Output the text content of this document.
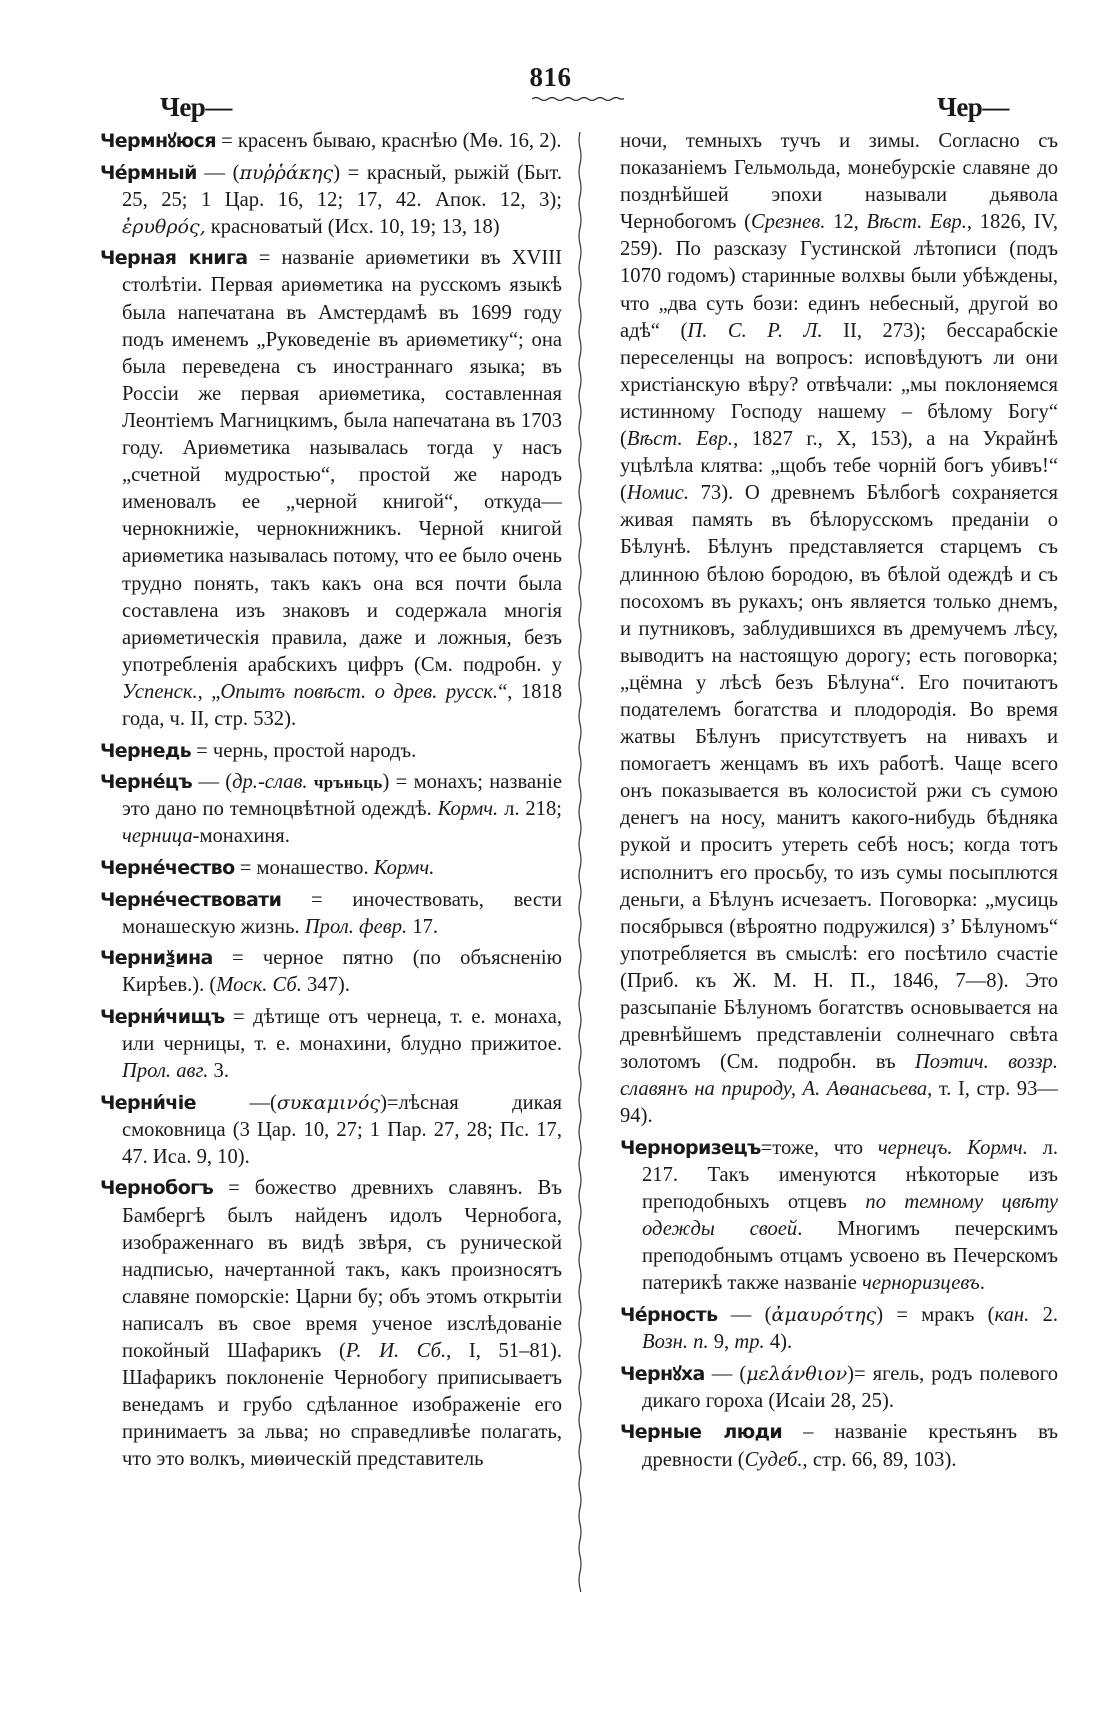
816
Чер—	Чер—

Чермнꙋюся = красенъ бываю, краснѣю (Мѳ. 16, 2).

Че́рмный — (πυῤῥάκης) = красный, рыжій (Быт. 25, 25; 1 Цар. 16, 12; 17, 42. Апок. 12, 3); ἐρυθρός, красноватый (Исх. 10, 19; 13, 18)

Черная книга = названіе ариѳметики въ XVIII столѣтіи. Первая ариѳметика на русскомъ языкѣ была напечатана въ Амстердамѣ въ 1699 году подъ именемъ „Руковеденіе въ ариѳметику“; она была переведена съ иностраннаго языка; въ Россіи же первая ариѳметика, составленная Леонтіемъ Магницкимъ, была напечатана въ 1703 году. Ариѳметика называлась тогда у насъ „счетной мудростью“, простой же народъ именовалъ ее „черной книгой“, откуда—чернокнижіе, чернокнижникъ. Черной книгой ариѳметика называлась потому, что ее было очень трудно понять, такъ какъ она вся почти была составлена изъ знаковъ и содержала многія ариѳметическія правила, даже и ложныя, безъ употребленія арабскихъ цифръ (См. подробн. у Успенск., „Опытъ повѣст. о древ. русск.“, 1818 года, ч. II, стр. 532).

Чернедь = чернь, простой народъ.

Черне́цъ — (др.-слав. чръньць) = монахъ; названіе это дано по темноцвѣтной одеждѣ. Кормч. л. 218; черница-монахиня.

Черне́чество = монашество. Кормч.

Черне́чествовати = иночествовать, вести монашескую жизнь. Прол. февр. 17.

Черниѯина = черное пятно (по объясненію Кирѣев.). (Моск. Сб. 347).

Черни́чищъ = дѣтище отъ чернеца, т. е. монаха, или черницы, т. е. монахини, блудно прижитое. Прол. авг. 3.

Черни́чіе —(συκαμινός)=лѣсная дикая смоковница (3 Цар. 10, 27; 1 Пар. 27, 28; Пс. 17, 47. Иса. 9, 10).

Чернобогъ = божество древнихъ славянъ. Въ Бамбергѣ былъ найденъ идолъ Чернобога, изображеннаго въ видѣ звѣря, съ рунической надписью, начертанной такъ, какъ произносятъ славяне поморскіе: Царни бу; объ этомъ открытіи написалъ въ свое время ученое изслѣдованіе покойный Шафарикъ (Р. И. Сб., I, 51–81). Шафарикъ поклоненіе Чернобогу приписываетъ венедамъ и грубо сдѣланное изображеніе его принимаетъ за льва; но справедливѣе полагать, что это волкъ, миѳическій представитель

ночи, темныхъ тучъ и зимы. Согласно съ показаніемъ Гельмольда, монебурскіе славяне до позднѣйшей эпохи называли дьявола Чернобогомъ (Срезнев. 12, Вѣст. Евр., 1826, IV, 259). По разсказу Густинской лѣтописи (подъ 1070 годомъ) старинные волхвы были убѣждены, что „два суть бози: единъ небесный, другой во адѣ“ (П. С. Р. Л. II, 273); бессарабскіе переселенцы на вопросъ: исповѣдуютъ ли они христіанскую вѣру? отвѣчали: „мы поклоняемся истинному Господу нашему – бѣлому Богу“ (Вѣст. Евр., 1827 г., X, 153), а на Украйнѣ уцѣлѣла клятва: „щобъ тебе чорній богъ убивъ!“ (Номис. 73). О древнемъ Бѣлбогѣ сохраняется живая память въ бѣлорусскомъ преданіи о Бѣлунѣ. Бѣлунъ представляется старцемъ съ длинною бѣлою бородою, въ бѣлой одеждѣ и съ посохомъ въ рукахъ; онъ является только днемъ, и путниковъ, заблудившихся въ дремучемъ лѣсу, выводитъ на настоящую дорогу; есть поговорка; „цёмна у лѣсѣ безъ Бѣлуна“. Его почитаютъ подателемъ богатства и плодородія. Во время жатвы Бѣлунъ присутствуетъ на нивахъ и помогаетъ женцамъ въ ихъ работѣ. Чаще всего онъ показывается въ колосистой ржи съ сумою денегъ на носу, манитъ какого-нибудь бѣдняка рукой и проситъ утереть себѣ носъ; когда тотъ исполнитъ его просьбу, то изъ сумы посыплются деньги, а Бѣлунъ исчезаетъ. Поговорка: „мусиць посябрывся (вѣроятно подружился) з’ Бѣлуномъ“ употребляется въ смыслѣ: его посѣтило счастіе (Приб. къ Ж. М. Н. П., 1846, 7—8). Это разсыпаніе Бѣлуномъ богатствъ основывается на древнѣйшемъ представленіи солнечнаго свѣта золотомъ (См. подробн. въ Поэтич. воззр. славянъ на природу, А. Аѳанасьева, т. I, стр. 93—94).

Черноризецъ=тоже, что чернецъ. Кормч. л. 217. Такъ именуются нѣкоторые изъ преподобныхъ отцевъ по темному цвѣту одежды своей. Многимъ печерскимъ преподобнымъ отцамъ усвоено въ Печерскомъ патерикѣ также названіе черноризцевъ.

Че́рность — (ἀμαυρότης) = мракъ (кан. 2. Возн. п. 9, тр. 4).

Чернꙋха — (μελάνθιον)= ягель, родъ полевого дикаго гороха (Исаіи 28, 25).

Черные люди – названіе крестьянъ въ древности (Судеб., стр. 66, 89, 103).
